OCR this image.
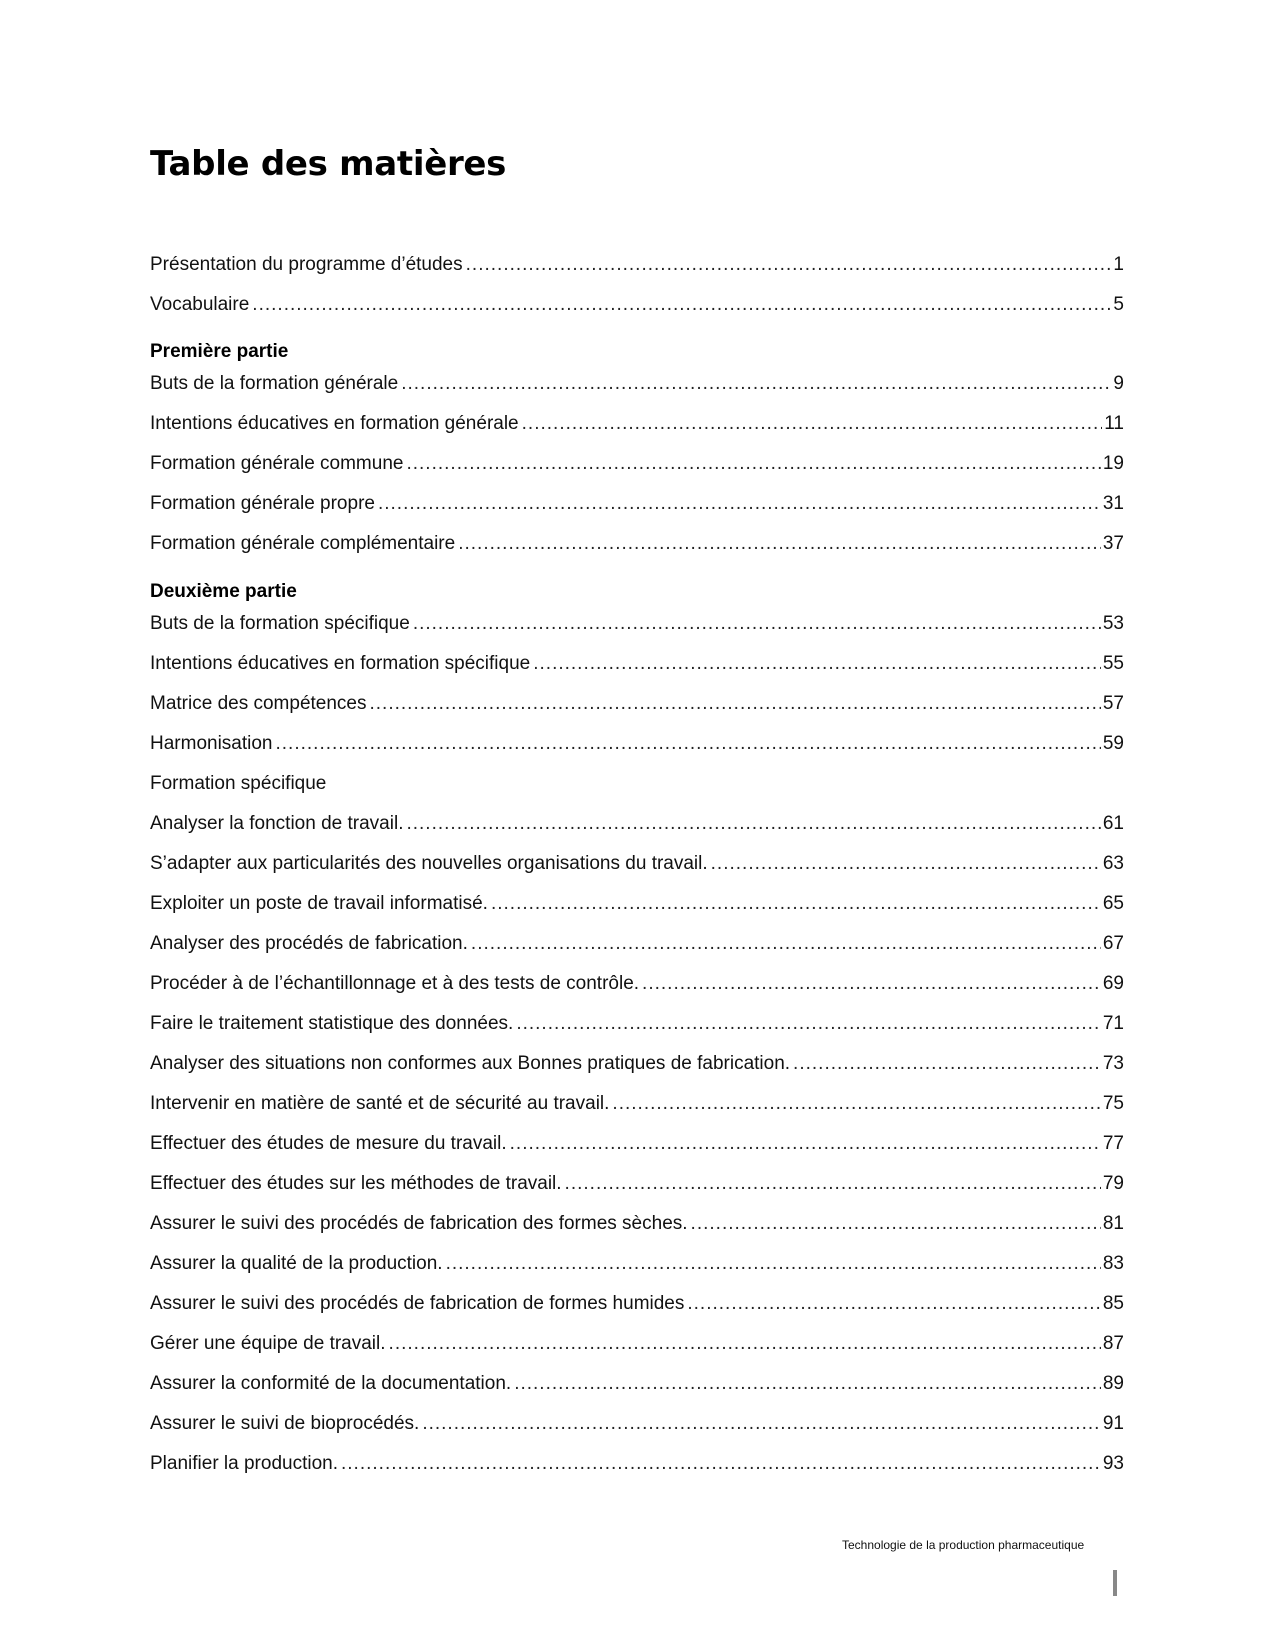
Table des matières
Présentation du programme d’études .....	1
Vocabulaire .....	5
Première partie
Buts de la formation générale .....	9
Intentions éducatives en formation générale .....	11
Formation générale commune .....	19
Formation générale propre .....	31
Formation générale complémentaire .....	37
Deuxième partie
Buts de la formation spécifique .....	53
Intentions éducatives en formation spécifique .....	55
Matrice des compétences .....	57
Harmonisation .....	59
Formation spécifique
Analyser la fonction de travail. .....	61
S’adapter aux particularités des nouvelles organisations du travail. .....	63
Exploiter un poste de travail informatisé. .....	65
Analyser des procédés de fabrication. .....	67
Procéder à de l’échantillonnage et à des tests de contrôle. .....	69
Faire le traitement statistique des données. .....	71
Analyser des situations non conformes aux Bonnes pratiques de fabrication. .....	73
Intervenir en matière de santé et de sécurité au travail. .....	75
Effectuer des études de mesure du travail. .....	77
Effectuer des études sur les méthodes de travail. .....	79
Assurer le suivi des procédés de fabrication des formes sèches. .....	81
Assurer la qualité de la production. .....	83
Assurer le suivi des procédés de fabrication de formes humides .....	85
Gérer une équipe de travail. .....	87
Assurer la conformité de la documentation. .....	89
Assurer le suivi de bioprocédés. .....	91
Planifier la production. .....	93
Technologie de la production pharmaceutique
